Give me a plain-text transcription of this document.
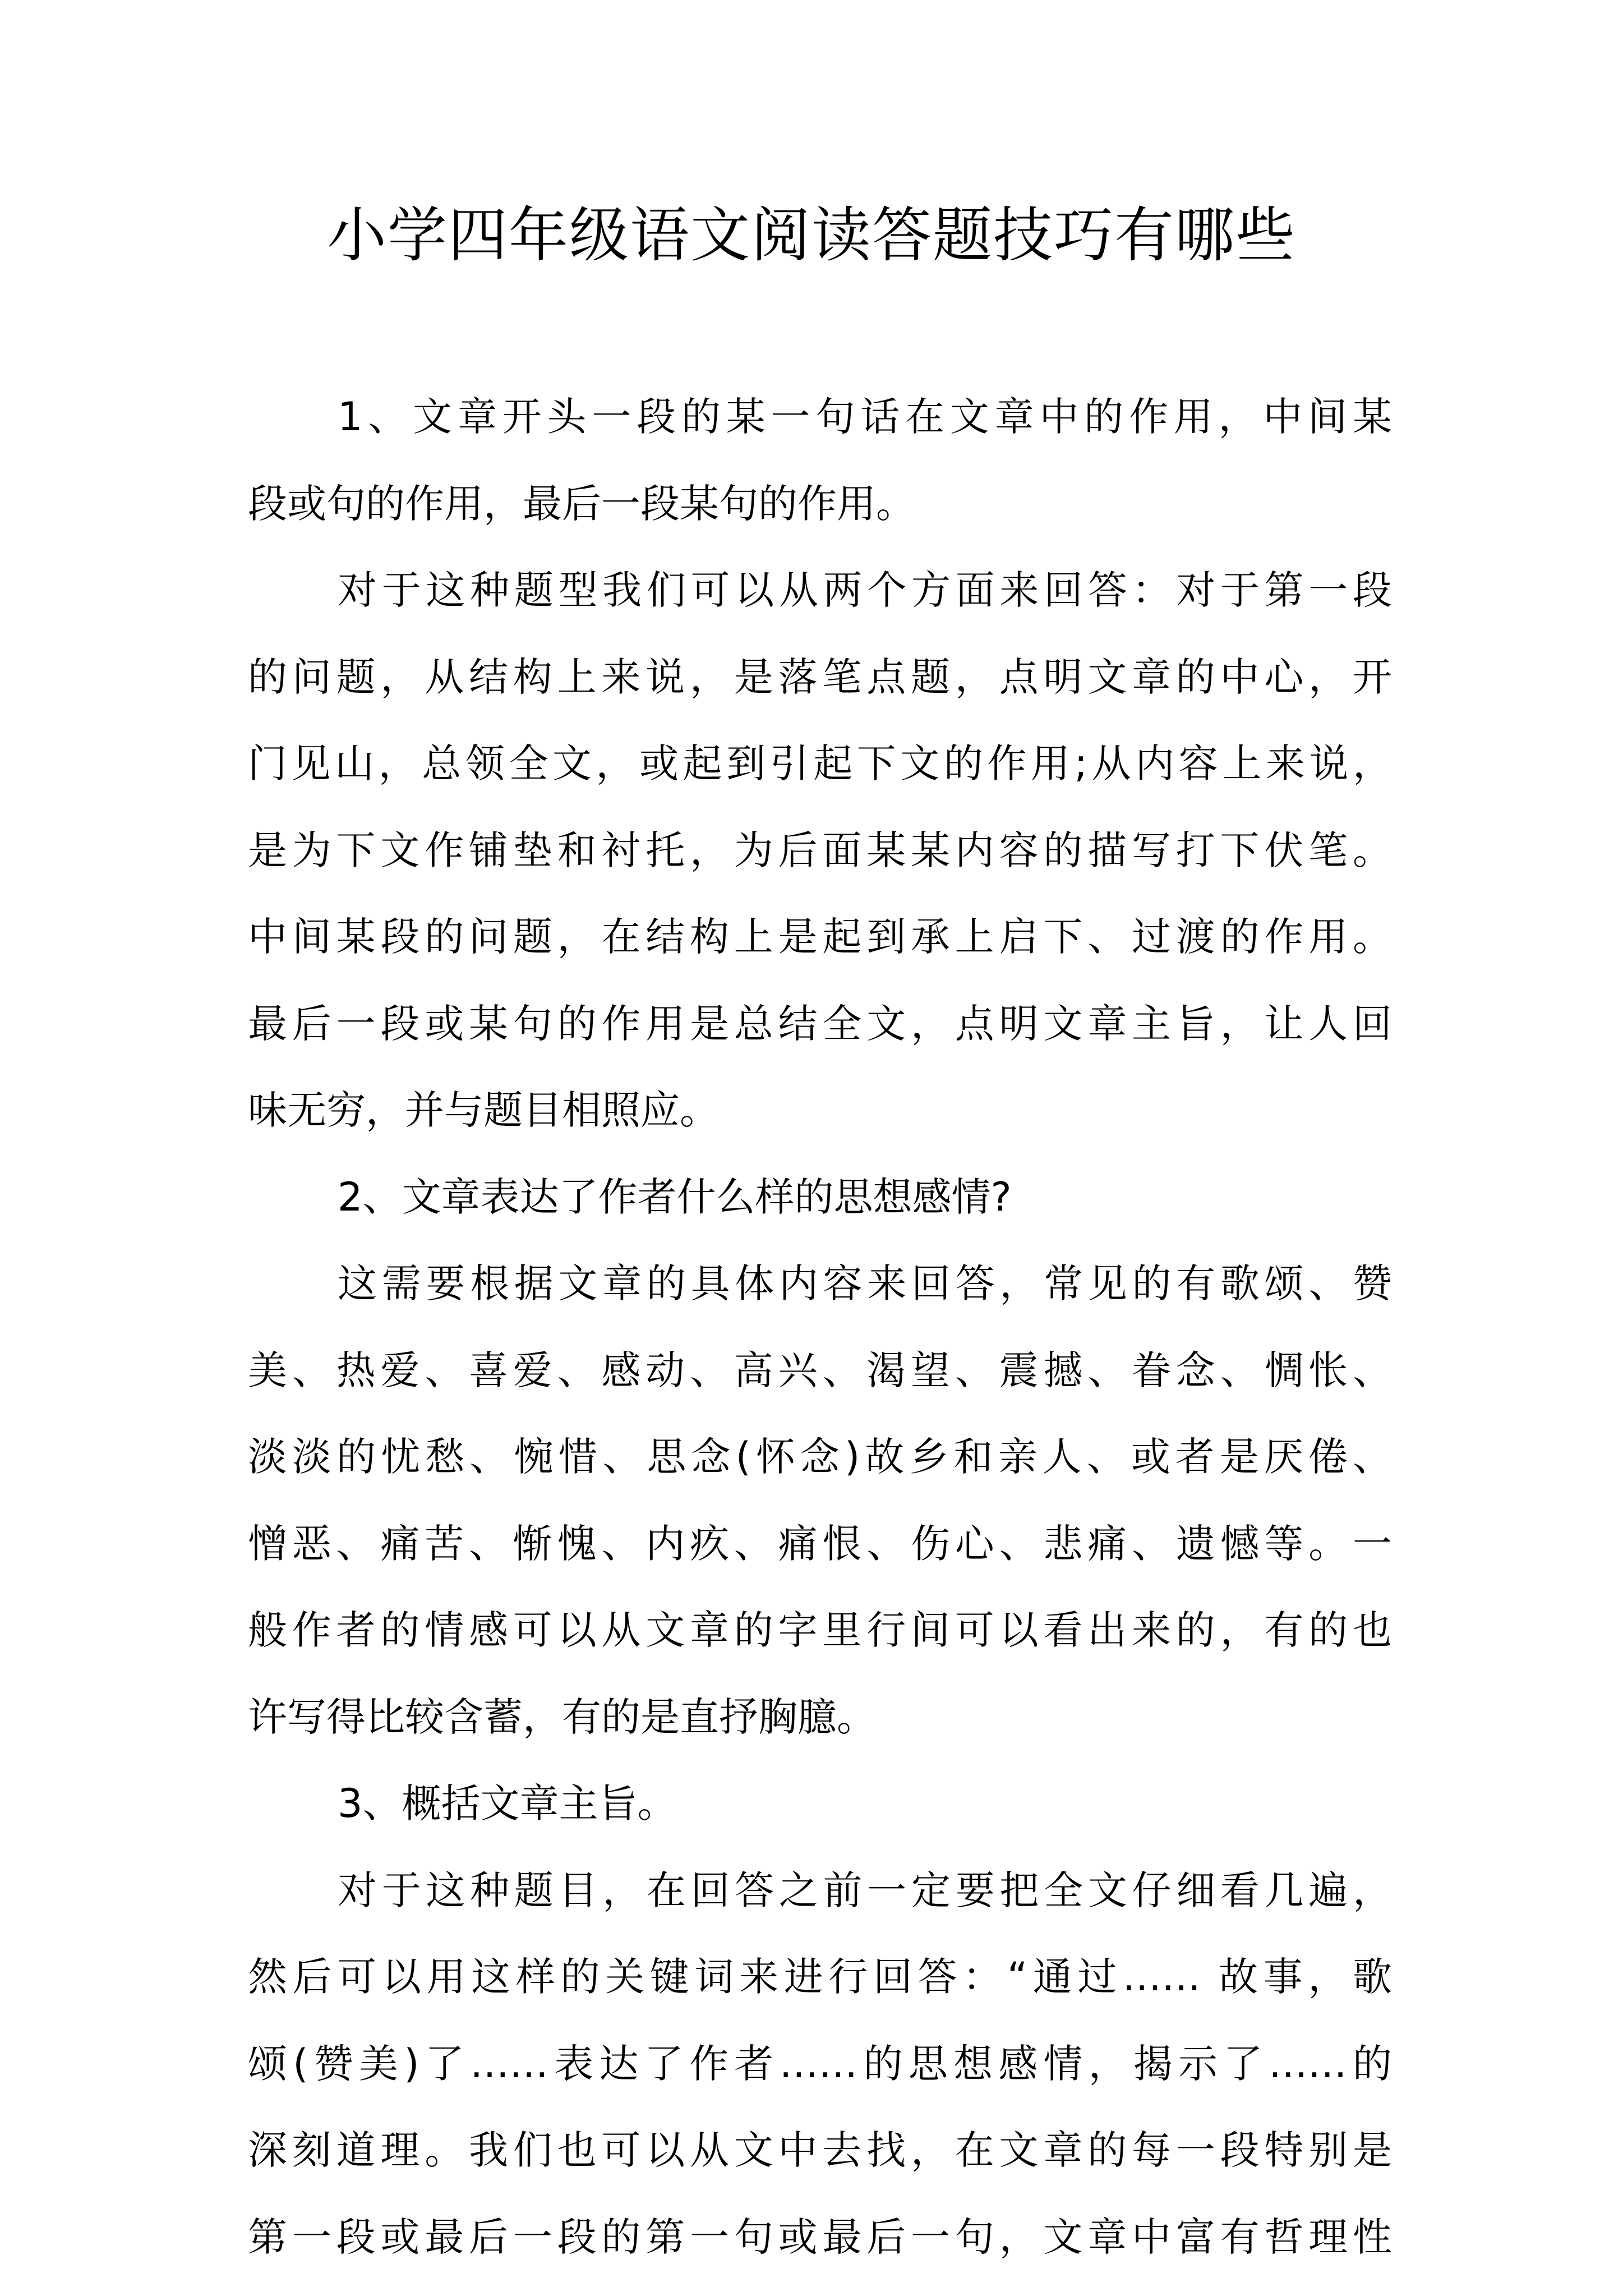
小学四年级语文阅读答题技巧有哪些

1、文章开头一段的某一句话在文章中的作用，中间某

段或句的作用，最后一段某句的作用。

对于这种题型我们可以从两个方面来回答：对于第一段

的问题，从结构上来说，是落笔点题，点明文章的中心，开

门见山，总领全文，或起到引起下文的作用;从内容上来说，

是为下文作铺垫和衬托，为后面某某内容的描写打下伏笔。

中间某段的问题，在结构上是起到承上启下、过渡的作用。

最后一段或某句的作用是总结全文，点明文章主旨，让人回

味无穷，并与题目相照应。

2、文章表达了作者什么样的思想感情?

这需要根据文章的具体内容来回答，常见的有歌颂、赞

美、热爱、喜爱、感动、高兴、渴望、震撼、眷念、惆怅、

淡淡的忧愁、惋惜、思念(怀念)故乡和亲人、或者是厌倦、

憎恶、痛苦、惭愧、内疚、痛恨、伤心、悲痛、遗憾等。一

般作者的情感可以从文章的字里行间可以看出来的，有的也

许写得比较含蓄，有的是直抒胸臆。

3、概括文章主旨。

对于这种题目，在回答之前一定要把全文仔细看几遍，

然后可以用这样的关键词来进行回答：“通过…… 故事，歌

颂(赞美)了……表达了作者……的思想感情，揭示了……的

深刻道理。我们也可以从文中去找，在文章的每一段特别是

第一段或最后一段的第一句或最后一句，文章中富有哲理性
